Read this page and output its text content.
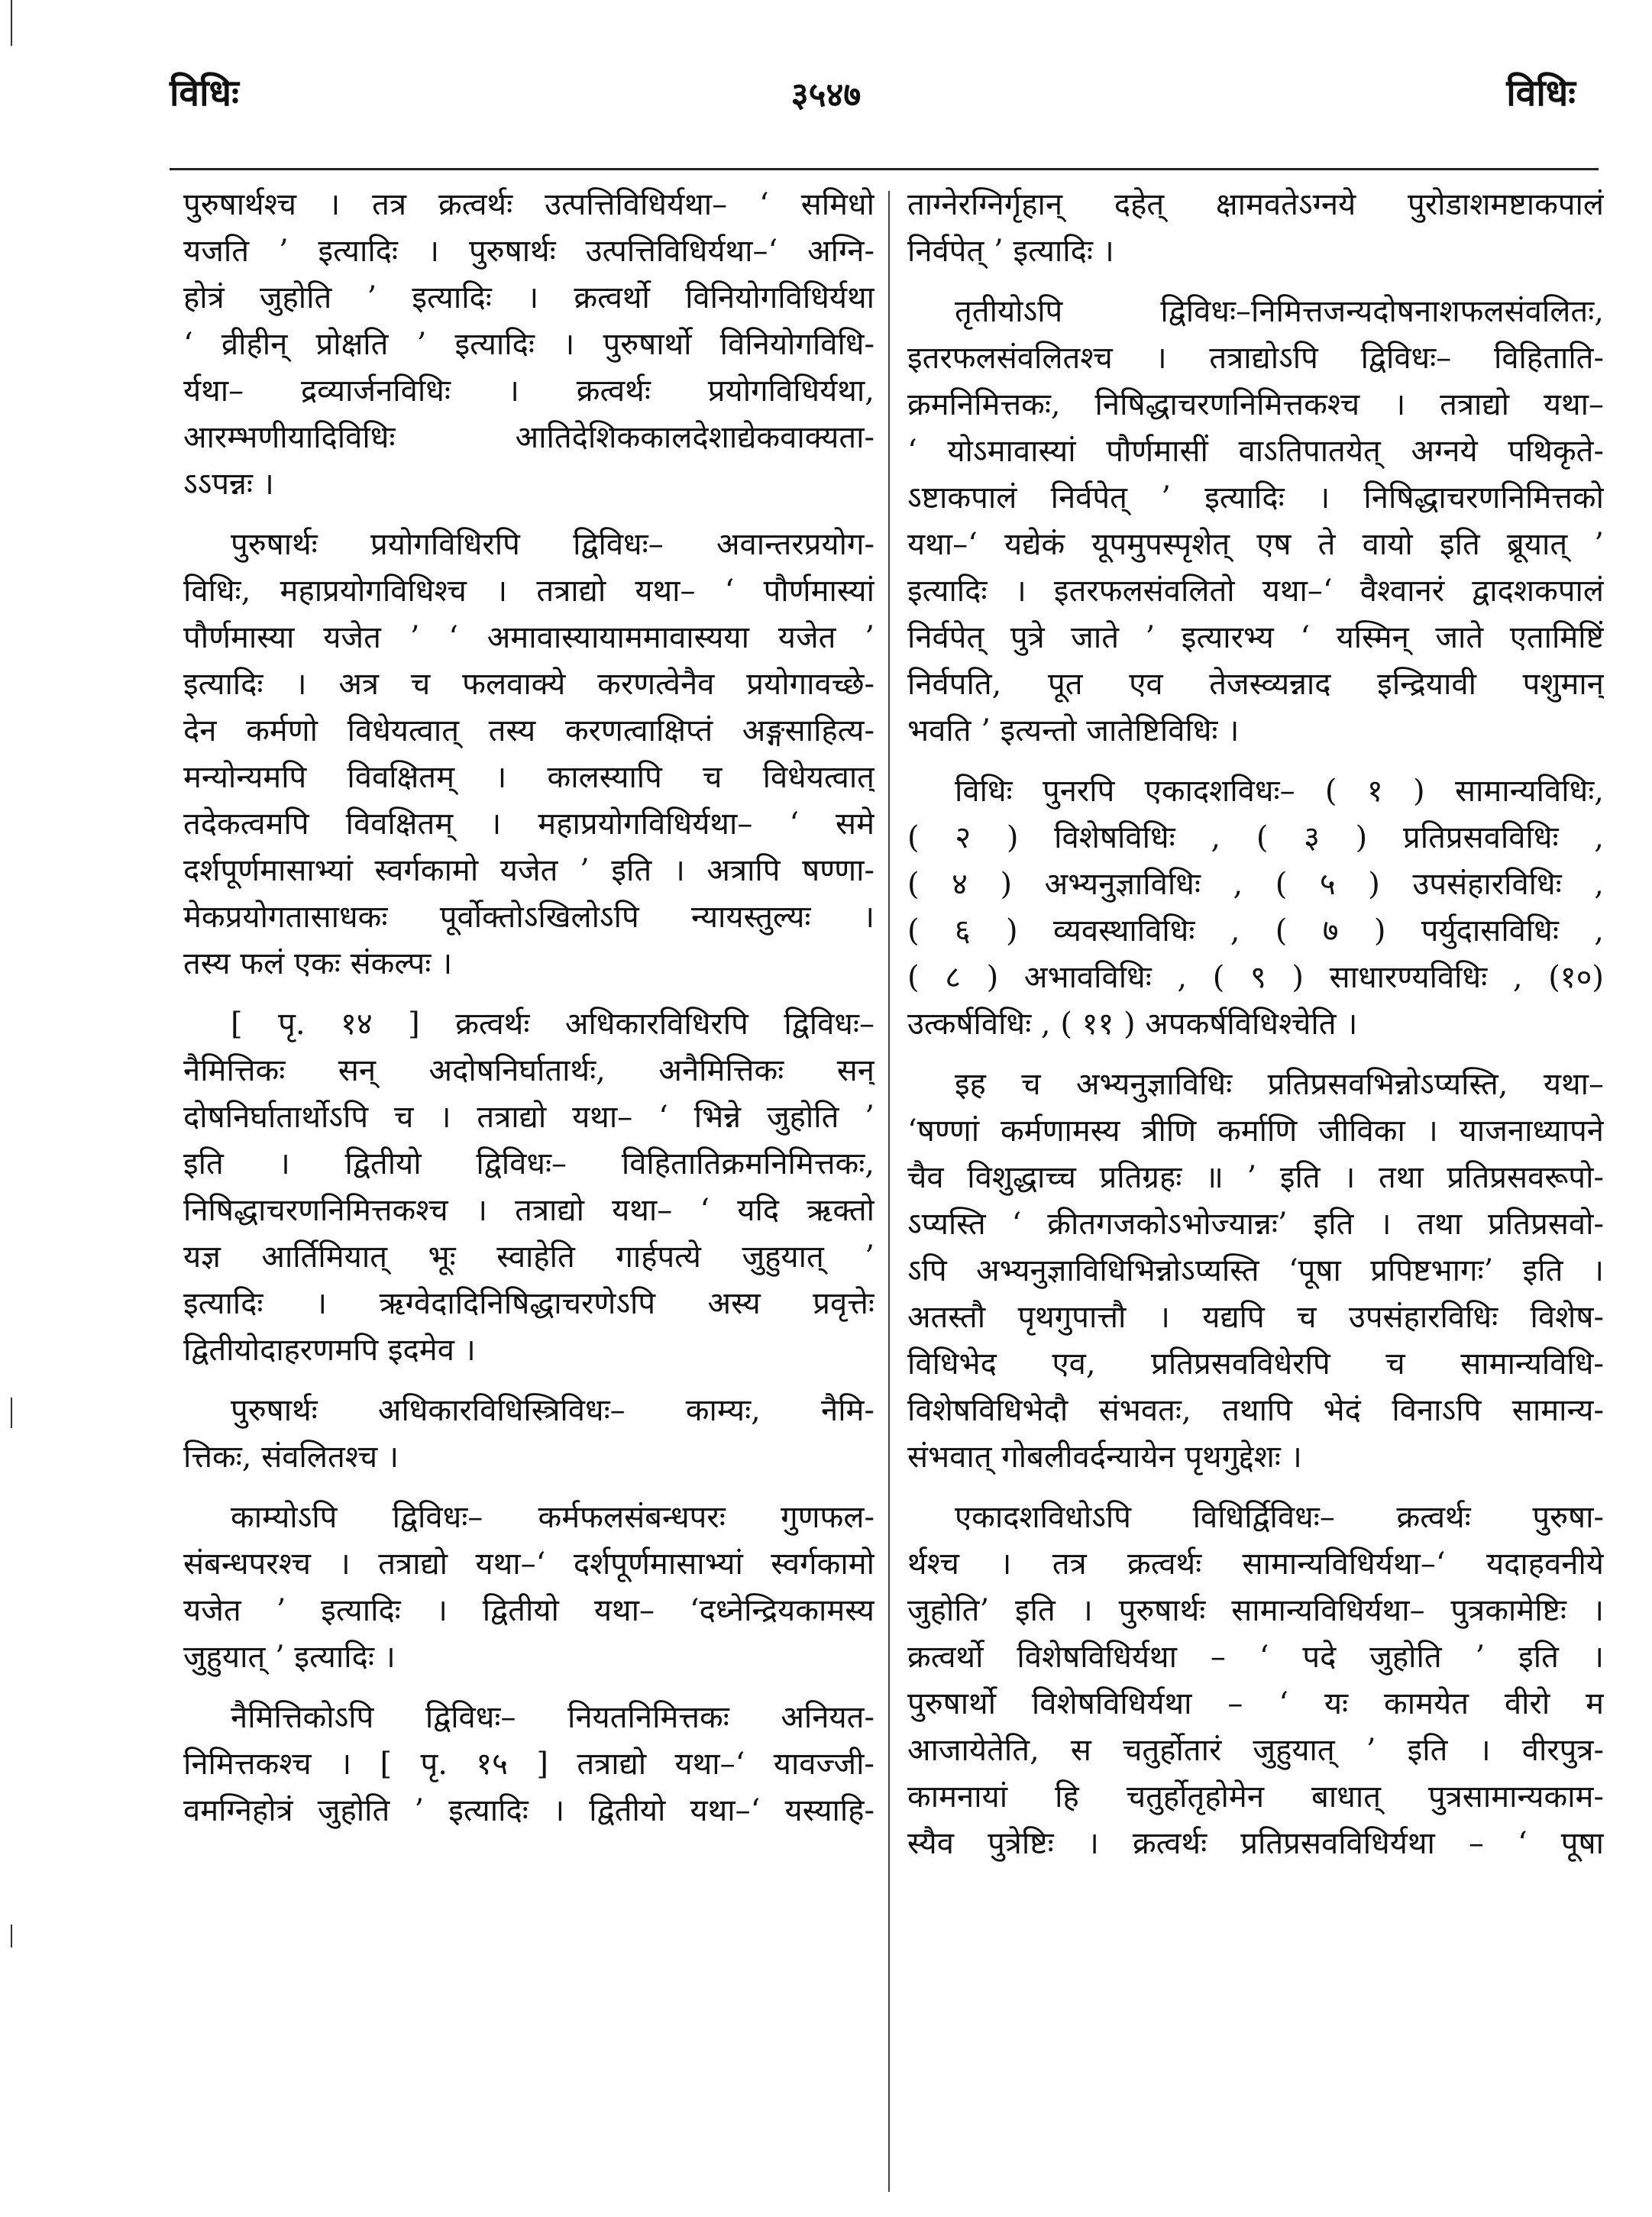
विधिः	३५४७	विधिः
पुरुषार्थश्च । तत्र क्रत्वर्थः उत्पत्तिविधिर्यथा– ‘ समिधो
यजति ’ इत्यादिः । पुरुषार्थः उत्पत्तिविधिर्यथा–‘ अग्नि-
होत्रं जुहोति ’ इत्यादिः । क्रत्वर्थो विनियोगविधिर्यथा
‘ व्रीहीन् प्रोक्षति ’ इत्यादिः । पुरुषार्थो विनियोगविधि-
र्यथा– द्रव्यार्जनविधिः । क्रत्वर्थः प्रयोगविधिर्यथा,
आरम्भणीयादिविधिः आतिदेशिककालदेशाद्येकवाक्यता-
ऽऽपन्नः ।
पुरुषार्थः प्रयोगविधिरपि द्विविधः– अवान्तरप्रयोग-
विधिः, महाप्रयोगविधिश्च । तत्राद्यो यथा– ‘ पौर्णमास्यां
पौर्णमास्या यजेत ’ ‘ अमावास्यायाममावास्यया यजेत ’
इत्यादिः । अत्र च फलवाक्ये करणत्वेनैव प्रयोगावच्छे-
देन कर्मणो विधेयत्वात् तस्य करणत्वाक्षिप्तं अङ्गसाहित्य-
मन्योन्यमपि विवक्षितम् । कालस्यापि च विधेयत्वात्
तदेकत्वमपि विवक्षितम् । महाप्रयोगविधिर्यथा– ‘ समे
दर्शपूर्णमासाभ्यां स्वर्गकामो यजेत ’ इति । अत्रापि षण्णा-
मेकप्रयोगतासाधकः पूर्वोक्तोऽखिलोऽपि न्यायस्तुल्यः ।
तस्य फलं एकः संकल्पः ।
[ पृ. १४ ] क्रत्वर्थः अधिकारविधिरपि द्विविधः–
नैमित्तिकः सन् अदोषनिर्घातार्थः, अनैमित्तिकः सन्
दोषनिर्घातार्थोऽपि च । तत्राद्यो यथा– ‘ भिन्ने जुहोति ’
इति । द्वितीयो द्विविधः– विहितातिक्रमनिमित्तकः,
निषिद्धाचरणनिमित्तकश्च । तत्राद्यो यथा– ‘ यदि ऋक्तो
यज्ञ आर्तिमियात् भूः स्वाहेति गार्हपत्ये जुहुयात् ’
इत्यादिः । ऋग्वेदादिनिषिद्धाचरणेऽपि अस्य प्रवृत्तेः
द्वितीयोदाहरणमपि इदमेव ।
पुरुषार्थः अधिकारविधिस्त्रिविधः– काम्यः, नैमि-
त्तिकः, संवलितश्च ।
काम्योऽपि द्विविधः– कर्मफलसंबन्धपरः गुणफल-
संबन्धपरश्च । तत्राद्यो यथा–‘ दर्शपूर्णमासाभ्यां स्वर्गकामो
यजेत ’ इत्यादिः । द्वितीयो यथा– ‘दध्नेन्द्रियकामस्य
जुहुयात् ’ इत्यादिः ।
नैमित्तिकोऽपि द्विविधः– नियतनिमित्तकः अनियत-
निमित्तकश्च । [ पृ. १५ ] तत्राद्यो यथा–‘ यावज्जी-
वमग्निहोत्रं जुहोति ’ इत्यादिः । द्वितीयो यथा–‘ यस्याहि-
ताग्नेरग्निर्गृहान् दहेत् क्षामवतेऽग्नये पुरोडाशमष्टाकपालं
निर्वपेत् ’ इत्यादिः ।
तृतीयोऽपि द्विविधः–निमित्तजन्यदोषनाशफलसंवलितः,
इतरफलसंवलितश्च । तत्राद्योऽपि द्विविधः– विहिताति-
क्रमनिमित्तकः, निषिद्धाचरणनिमित्तकश्च । तत्राद्यो यथा–
‘ योऽमावास्यां पौर्णमासीं वाऽतिपातयेत् अग्नये पथिकृते-
ऽष्टाकपालं निर्वपेत् ’ इत्यादिः । निषिद्धाचरणनिमित्तको
यथा–‘ यद्येकं यूपमुपस्पृशेत् एष ते वायो इति ब्रूयात् ’
इत्यादिः । इतरफलसंवलितो यथा–‘ वैश्वानरं द्वादशकपालं
निर्वपेत् पुत्रे जाते ’ इत्यारभ्य ‘ यस्मिन् जाते एतामिष्टिं
निर्वपति, पूत एव तेजस्व्यन्नाद इन्द्रियावी पशुमान्
भवति ’ इत्यन्तो जातेष्टिविधिः ।
विधिः पुनरपि एकादशविधः– ( १ ) सामान्यविधिः,
( २ ) विशेषविधिः , ( ३ ) प्रतिप्रसवविधिः ,
( ४ ) अभ्यनुज्ञाविधिः , ( ५ ) उपसंहारविधिः ,
( ६ ) व्यवस्थाविधिः , ( ७ ) पर्युदासविधिः ,
( ८ ) अभावविधिः , ( ९ ) साधारण्यविधिः , (१०)
उत्कर्षविधिः , ( ११ ) अपकर्षविधिश्चेति ।
इह च अभ्यनुज्ञाविधिः प्रतिप्रसवभिन्नोऽप्यस्ति, यथा–
‘षण्णां कर्मणामस्य त्रीणि कर्माणि जीविका । याजनाध्यापने
चैव विशुद्धाच्च प्रतिग्रहः ॥ ’ इति । तथा प्रतिप्रसवरूपो-
ऽप्यस्ति ‘ क्रीतगजकोऽभोज्यान्नः’ इति । तथा प्रतिप्रसवो-
ऽपि अभ्यनुज्ञाविधिभिन्नोऽप्यस्ति ‘पूषा प्रपिष्टभागः’ इति ।
अतस्तौ पृथगुपात्तौ । यद्यपि च उपसंहारविधिः विशेष-
विधिभेद एव, प्रतिप्रसवविधेरपि च सामान्यविधि-
विशेषविधिभेदौ संभवतः, तथापि भेदं विनाऽपि सामान्य-
संभवात् गोबलीवर्दन्यायेन पृथगुद्देशः ।
एकादशविधोऽपि विधिर्द्विविधः– क्रत्वर्थः पुरुषा-
र्थश्च । तत्र क्रत्वर्थः सामान्यविधिर्यथा–‘ यदाहवनीये
जुहोति’ इति । पुरुषार्थः सामान्यविधिर्यथा– पुत्रकामेष्टिः ।
क्रत्वर्थो विशेषविधिर्यथा – ‘ पदे जुहोति ’ इति ।
पुरुषार्थो विशेषविधिर्यथा – ‘ यः कामयेत वीरो म
आजायेतेति, स चतुर्होतारं जुहुयात् ’ इति । वीरपुत्र-
कामनायां हि चतुर्होतृहोमेन बाधात् पुत्रसामान्यकाम-
स्यैव पुत्रेष्टिः । क्रत्वर्थः प्रतिप्रसवविधिर्यथा – ‘ पूषा
